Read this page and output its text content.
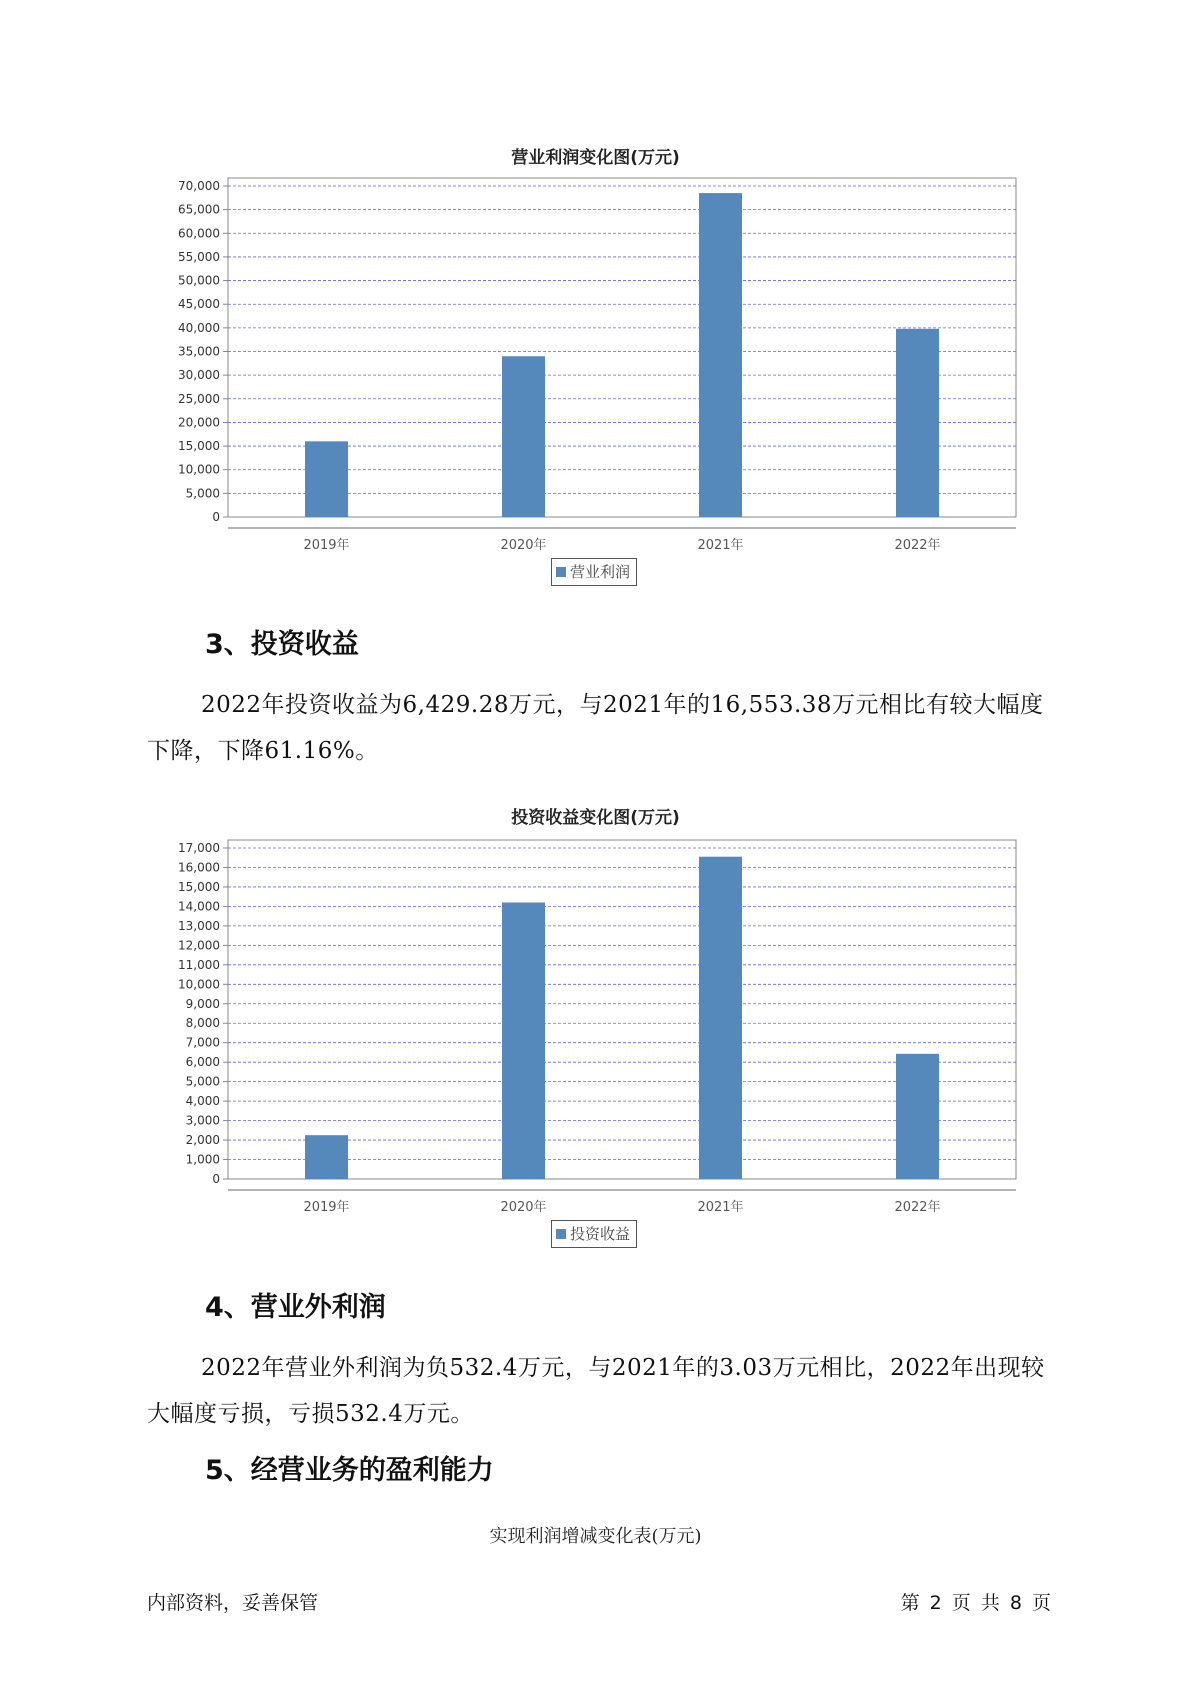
营业利润变化图(万元)
0
5,000
10,000
15,000
20,000
25,000
30,000
35,000
40,000
45,000
50,000
55,000
60,000
65,000
70,000
2019年	2020年	2021年	2022年
营业利润
3、投资收益

2022年投资收益为6,429.28万元，与2021年的16,553.38万元相比有较大幅度下降，下降61.16%。

投资收益变化图(万元)
0
1,000
2,000
3,000
4,000
5,000
6,000
7,000
8,000
9,000
10,000
11,000
12,000
13,000
14,000
15,000
16,000
17,000
2019年	2020年	2021年	2022年
投资收益
4、营业外利润

2022年营业外利润为负532.4万元，与2021年的3.03万元相比，2022年出现较大幅度亏损，亏损532.4万元。

5、经营业务的盈利能力
实现利润增减变化表(万元)
内部资料，妥善保管	第 2 页 共 8 页
